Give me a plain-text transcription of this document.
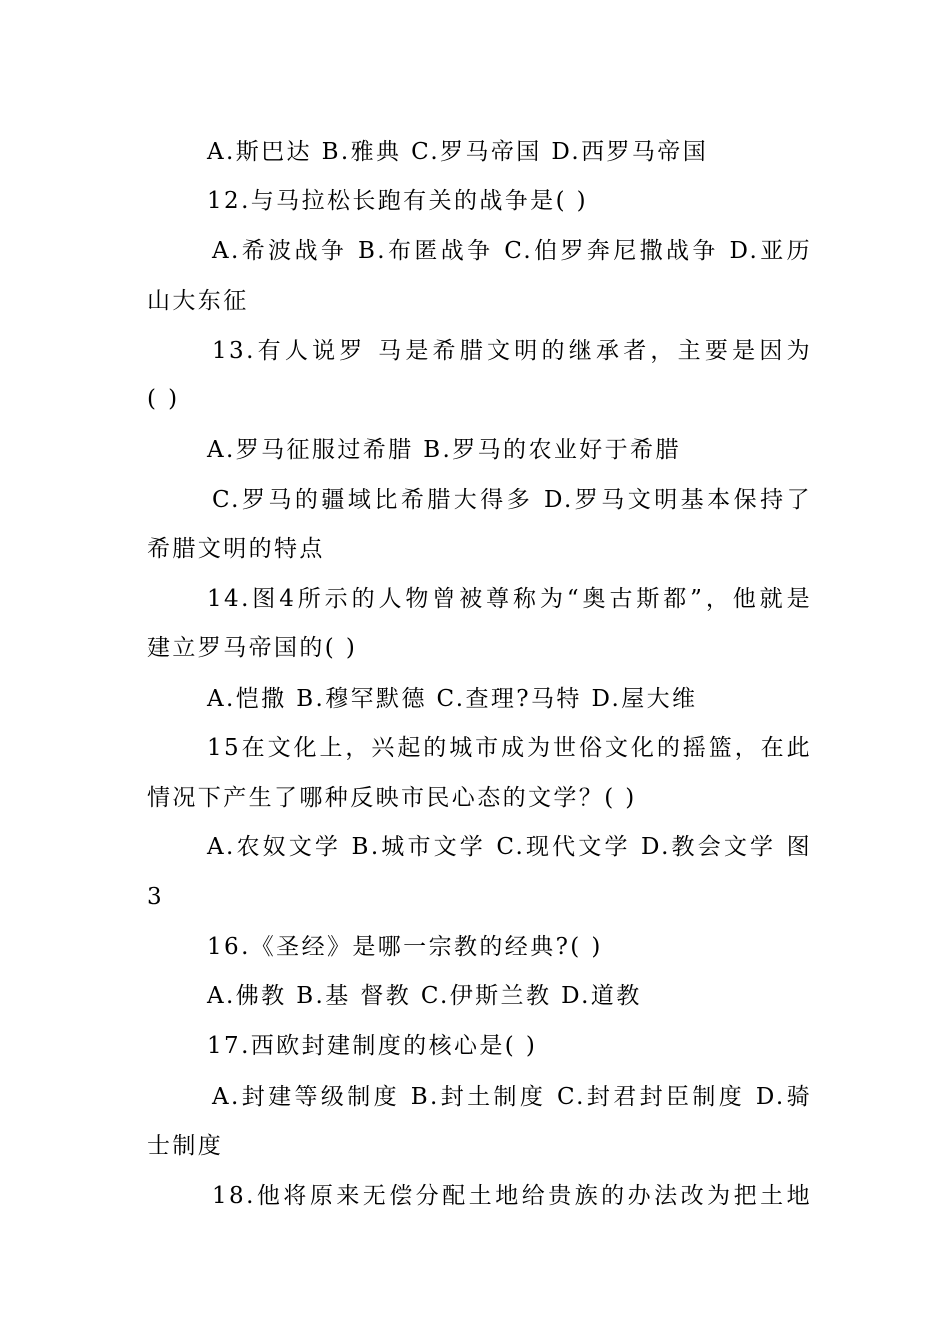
A.斯巴达 B.雅典 C.罗马帝国 D.西罗马帝国
12.与马拉松长跑有关的战争是( )
A.希波战争 B.布匿战争 C.伯罗奔尼撒战争 D.亚历
山大东征
13.有人说罗 马是希腊文明的继承者，主要是因为
( )
A.罗马征服过希腊 B.罗马的农业好于希腊
C.罗马的疆域比希腊大得多 D.罗马文明基本保持了
希腊文明的特点
14.图4所示的人物曾被尊称为“奥古斯都”，他就是
建立罗马帝国的( )
A.恺撒 B.穆罕默德 C.查理?马特 D.屋大维
15在文化上，兴起的城市成为世俗文化的摇篮，在此
情况下产生了哪种反映市民心态的文学？( )
A.农奴文学 B.城市文学 C.现代文学 D.教会文学 图
3
16.《圣经》是哪一宗教的经典?( )
A.佛教 B.基 督教 C.伊斯兰教 D.道教
17.西欧封建制度的核心是( )
A.封建等级制度 B.封土制度 C.封君封臣制度 D.骑
士制度
18.他将原来无偿分配土地给贵族的办法改为把土地
